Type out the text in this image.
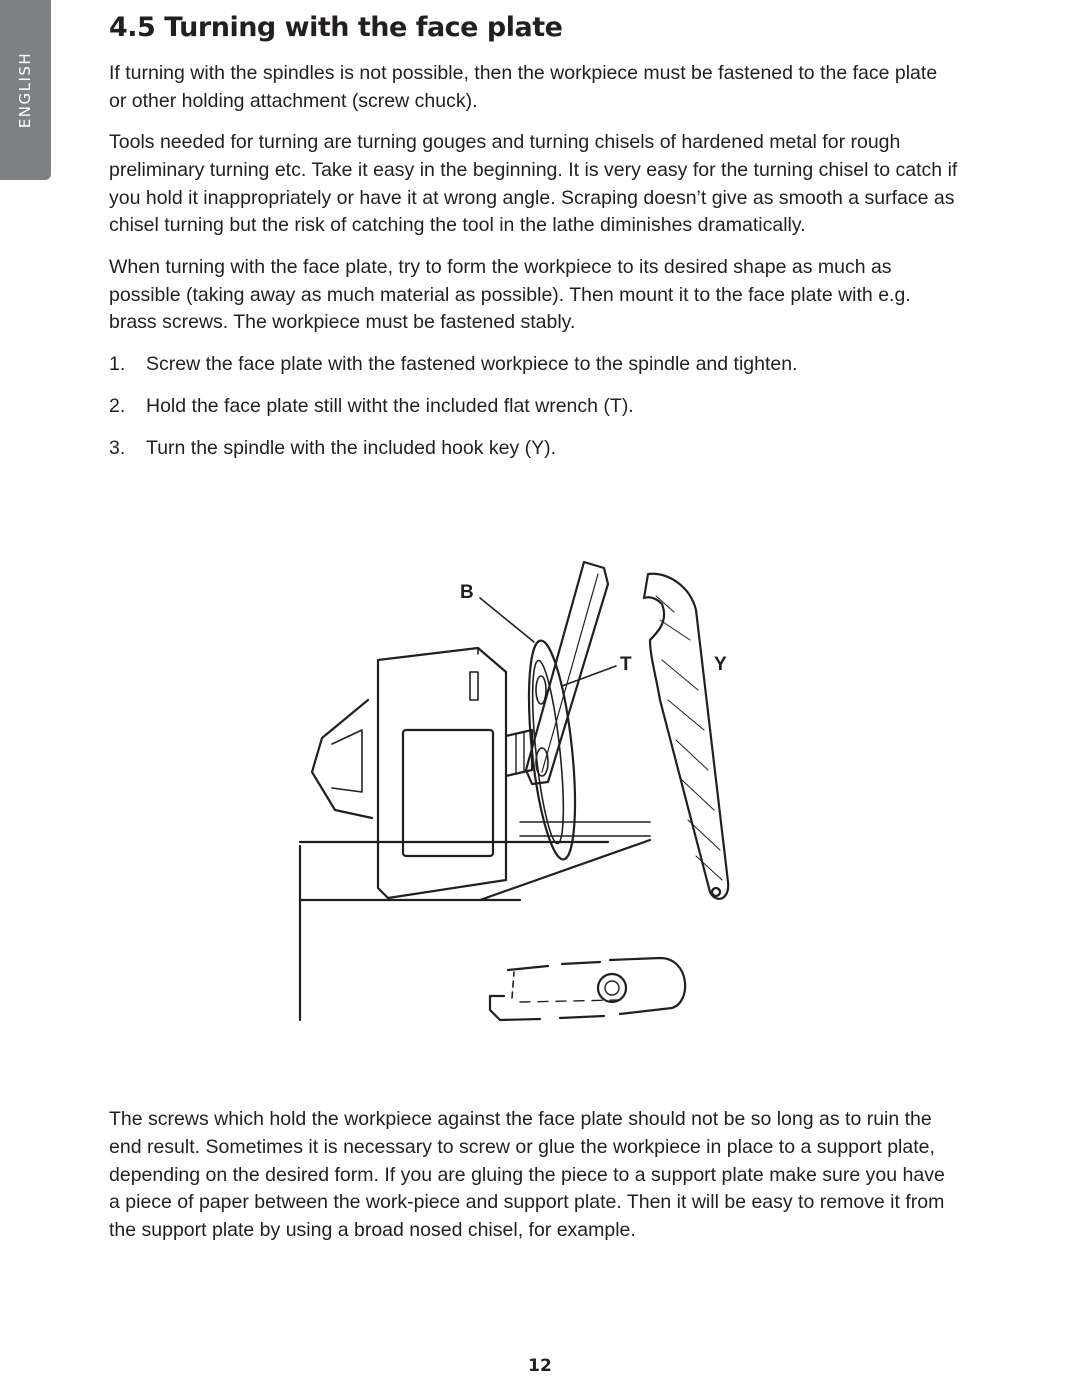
ENGLISH
4.5 Turning with the face plate

If turning with the spindles is not possible, then the workpiece must be fastened to the face plate or other holding attachment (screw chuck).

Tools needed for turning are turning gouges and turning chisels of hardened metal for rough preliminary turning etc. Take it easy in the beginning. It is very easy for the turning chisel to catch if you hold it inappropriately or have it at wrong angle. Scraping doesn’t give as smooth a surface as chisel turning but the risk of catching the tool in the lathe diminishes dramatically.

When turning with the face plate, try to form the workpiece to its desired shape as much as possible (taking away as much material as possible). Then mount it to the face plate with e.g. brass screws. The workpiece must be fastened stably.

1.	Screw the face plate with the fastened workpiece to the spindle and tighten.
2.	Hold the face plate still witht the included flat wrench (T).
3.	Turn the spindle with the included hook key (Y).
B
T	Y

The screws which hold the workpiece against the face plate should not be so long as to ruin the end result. Sometimes it is necessary to screw or glue the workpiece in place to a support plate, depending on the desired form. If you are gluing the piece to a support plate make sure you have a piece of paper between the work-piece and support plate. Then it will be easy to remove it from the support plate by using a broad nosed chisel, for example.

12
